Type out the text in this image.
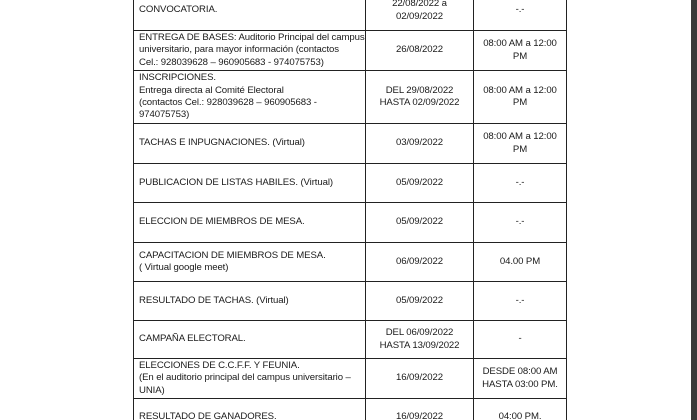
CONVOCATORIA.	22/08/2022 a
02/09/2022	-.-

ENTREGA DE BASES: Auditorio Principal del campus
universitario, para mayor información (contactos
Cel.: 928039628 – 960905683 - 974075753)	26/08/2022	08:00 AM a 12:00
PM

INSCRIPCIONES.
Entrega directa al Comité Electoral
(contactos Cel.: 928039628 – 960905683 -
974075753)	DEL 29/08/2022
HASTA 02/09/2022	08:00 AM a 12:00
PM

TACHAS E INPUGNACIONES. (Virtual)	03/09/2022	08:00 AM a 12:00
PM

PUBLICACION DE LISTAS HABILES. (Virtual)	05/09/2022	-.-

ELECCION DE MIEMBROS DE MESA.	05/09/2022	-.-

CAPACITACION DE MIEMBROS DE MESA.
( Virtual google meet)	06/09/2022	04.00 PM

RESULTADO DE TACHAS. (Virtual)	05/09/2022	-.-

CAMPAÑA ELECTORAL.	DEL 06/09/2022
HASTA 13/09/2022	-

ELECCIONES DE C.C.F.F. Y FEUNIA.
(En el auditorio principal del campus universitario –
UNIA)	16/09/2022	DESDE 08:00 AM
HASTA 03:00 PM.

RESULTADO DE GANADORES.	16/09/2022	04:00 PM.
